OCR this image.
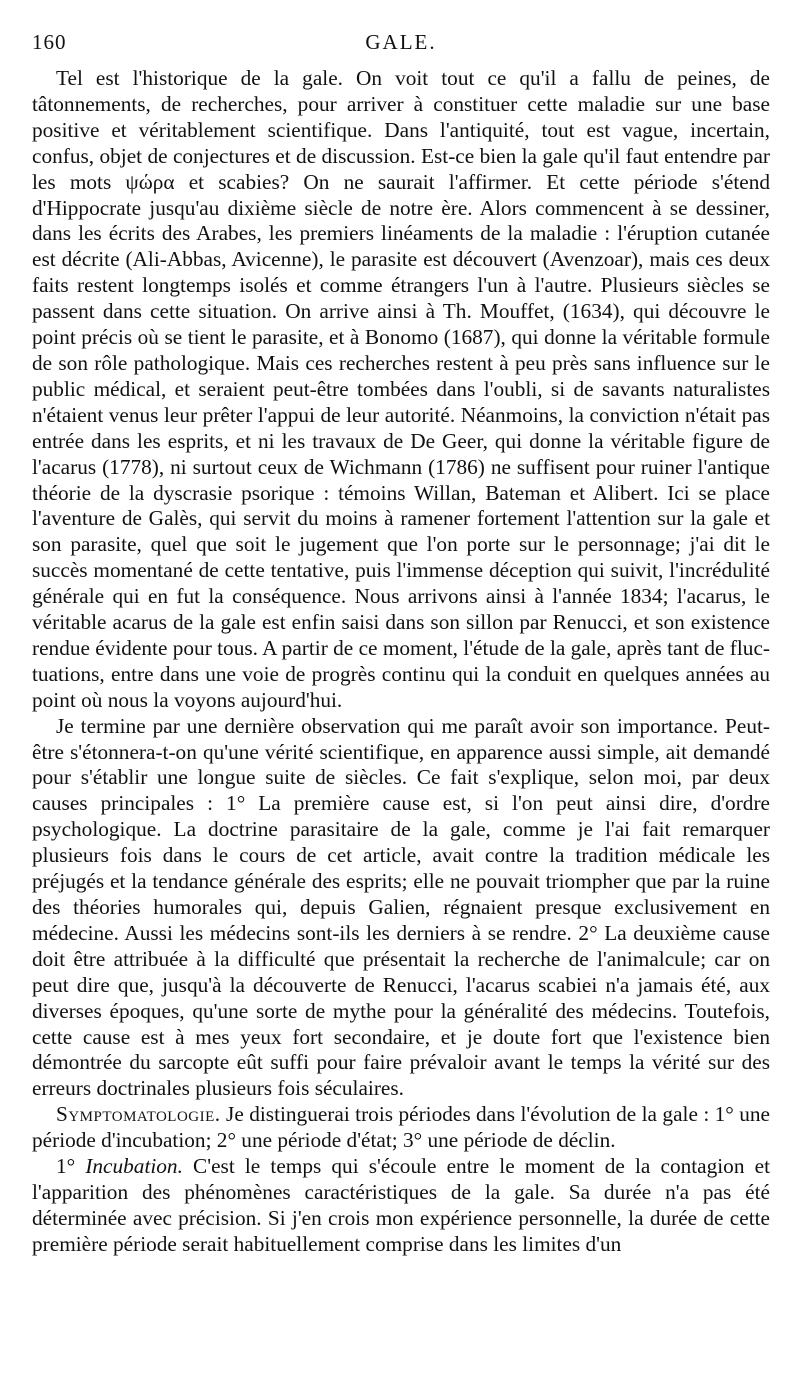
160	GALE.

Tel est l'historique de la gale. On voit tout ce qu'il a fallu de peines, de tâtonnements, de recherches, pour arriver à constituer cette maladie sur une base positive et véritablement scientifique. Dans l'antiquité, tout est vague, incertain, confus, objet de conjectures et de discussion. Est-ce bien la gale qu'il faut entendre par les mots ψώρα et scabies? On ne saurait l'affirmer. Et cette période s'étend d'Hippocrate jusqu'au dixième siècle de notre ère. Alors commencent à se dessiner, dans les écrits des Arabes, les premiers linéaments de la maladie : l'éruption cutanée est décrite (Ali-Abbas, Avicenne), le parasite est découvert (Avenzoar), mais ces deux faits restent longtemps isolés et comme étrangers l'un à l'autre. Plusieurs siècles se passent dans cette situation. On arrive ainsi à Th. Mouffet, (1634), qui découvre le point précis où se tient le parasite, et à Bonomo (1687), qui donne la véritable formule de son rôle pathologique. Mais ces recherches restent à peu près sans influence sur le public médical, et seraient peut-être tombées dans l'oubli, si de savants naturalistes n'étaient venus leur prêter l'appui de leur autorité. Néanmoins, la conviction n'était pas entrée dans les esprits, et ni les travaux de De Geer, qui donne la véritable figure de l'acarus (1778), ni surtout ceux de Wichmann (1786) ne suffisent pour ruiner l'antique théorie de la dyscrasie psorique : témoins Willan, Bateman et Alibert. Ici se place l'aventure de Galès, qui servit du moins à ramener fortement l'attention sur la gale et son parasite, quel que soit le jugement que l'on porte sur le personnage; j'ai dit le succès momentané de cette tentative, puis l'immense déception qui suivit, l'incrédulité générale qui en fut la conséquence. Nous arrivons ainsi à l'année 1834; l'acarus, le véritable acarus de la gale est enfin saisi dans son sillon par Renucci, et son existence rendue évidente pour tous. A partir de ce moment, l'étude de la gale, après tant de fluctuations, entre dans une voie de progrès continu qui la conduit en quelques années au point où nous la voyons aujourd'hui.

Je termine par une dernière observation qui me paraît avoir son importance. Peut-être s'étonnera-t-on qu'une vérité scientifique, en apparence aussi simple, ait demandé pour s'établir une longue suite de siècles. Ce fait s'explique, selon moi, par deux causes principales : 1° La première cause est, si l'on peut ainsi dire, d'ordre psychologique. La doctrine parasitaire de la gale, comme je l'ai fait remarquer plusieurs fois dans le cours de cet article, avait contre la tradition médicale les préjugés et la tendance générale des esprits; elle ne pouvait triompher que par la ruine des théories humorales qui, depuis Galien, régnaient presque exclusivement en médecine. Aussi les médecins sont-ils les derniers à se rendre. 2° La deuxième cause doit être attribuée à la difficulté que présentait la recherche de l'animalcule; car on peut dire que, jusqu'à la découverte de Renucci, l'acarus scabiei n'a jamais été, aux diverses époques, qu'une sorte de mythe pour la généralité des médecins. Toutefois, cette cause est à mes yeux fort secondaire, et je doute fort que l'existence bien démontrée du sarcopte eût suffi pour faire prévaloir avant le temps la vérité sur des erreurs doctrinales plusieurs fois séculaires.

Symptomatologie. Je distinguerai trois périodes dans l'évolution de la gale : 1° une période d'incubation; 2° une période d'état; 3° une période de déclin.

1° Incubation. C'est le temps qui s'écoule entre le moment de la contagion et l'apparition des phénomènes caractéristiques de la gale. Sa durée n'a pas été déterminée avec précision. Si j'en crois mon expérience personnelle, la durée de cette première période serait habituellement comprise dans les limites d'un
